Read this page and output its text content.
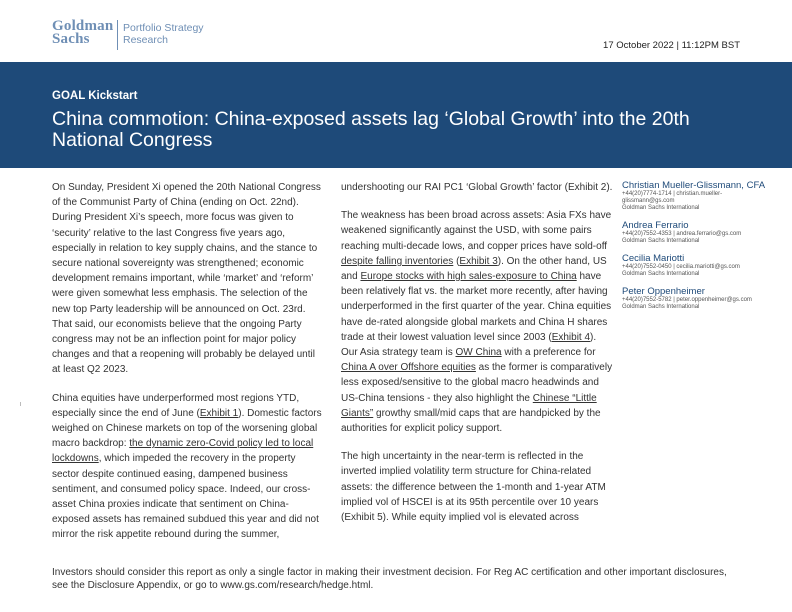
Goldman
Sachs
Portfolio Strategy
Research	17 October 2022 | 11:12PM BST
GOAL Kickstart
China commotion: China-exposed assets lag ‘Global Growth’ into the 20th National Congress

On Sunday, President Xi opened the 20th National Congress of the Communist Party of China (ending on Oct. 22nd). During President Xi’s speech, more focus was given to ‘security’ relative to the last Congress five years ago, especially in relation to key supply chains, and the stance to secure national sovereignty was strengthened; economic development remains important, while ‘market’ and ‘reform’ were given somewhat less emphasis. The selection of the new top Party leadership will be announced on Oct. 23rd. That said, our economists believe that the ongoing Party congress may not be an inflection point for major policy changes and that a reopening will probably be delayed until at least Q2 2023.

China equities have underperformed most regions YTD, especially since the end of June (Exhibit 1). Domestic factors weighed on Chinese markets on top of the worsening global macro backdrop: the dynamic zero-Covid policy led to local lockdowns, which impeded the recovery in the property sector despite continued easing, dampened business sentiment, and consumed policy space. Indeed, our cross-asset China proxies indicate that sentiment on China-exposed assets has remained subdued this year and did not mirror the risk appetite rebound during the summer,

undershooting our RAI PC1 ‘Global Growth’ factor (Exhibit 2).

The weakness has been broad across assets: Asia FXs have weakened significantly against the USD, with some pairs reaching multi-decade lows, and copper prices have sold-off despite falling inventories (Exhibit 3). On the other hand, US and Europe stocks with high sales-exposure to China have been relatively flat vs. the market more recently, after having underperformed in the first quarter of the year. China equities have de-rated alongside global markets and China H shares trade at their lowest valuation level since 2003 (Exhibit 4). Our Asia strategy team is OW China with a preference for China A over Offshore equities as the former is comparatively less exposed/sensitive to the global macro headwinds and US-China tensions - they also highlight the Chinese “Little Giants” growthy small/mid caps that are handpicked by the authorities for explicit policy support.

The high uncertainty in the near-term is reflected in the inverted implied volatility term structure for China-related assets: the difference between the 1-month and 1-year ATM implied vol of HSCEI is at its 95th percentile over 10 years (Exhibit 5). While equity implied vol is elevated across

Christian Mueller-Glissmann, CFA
+44(20)7774-1714 | christian.mueller-glissmann@gs.com
Goldman Sachs International
Andrea Ferrario
+44(20)7552-4353 | andrea.ferrario@gs.com
Goldman Sachs International
Cecilia Mariotti
+44(20)7552-0450 | cecilia.mariotti@gs.com
Goldman Sachs International
Peter Oppenheimer
+44(20)7552-5782 | peter.oppenheimer@gs.com
Goldman Sachs International
Investors should consider this report as only a single factor in making their investment decision. For Reg AC certification and other important disclosures, see the Disclosure Appendix, or go to www.gs.com/research/hedge.html.
